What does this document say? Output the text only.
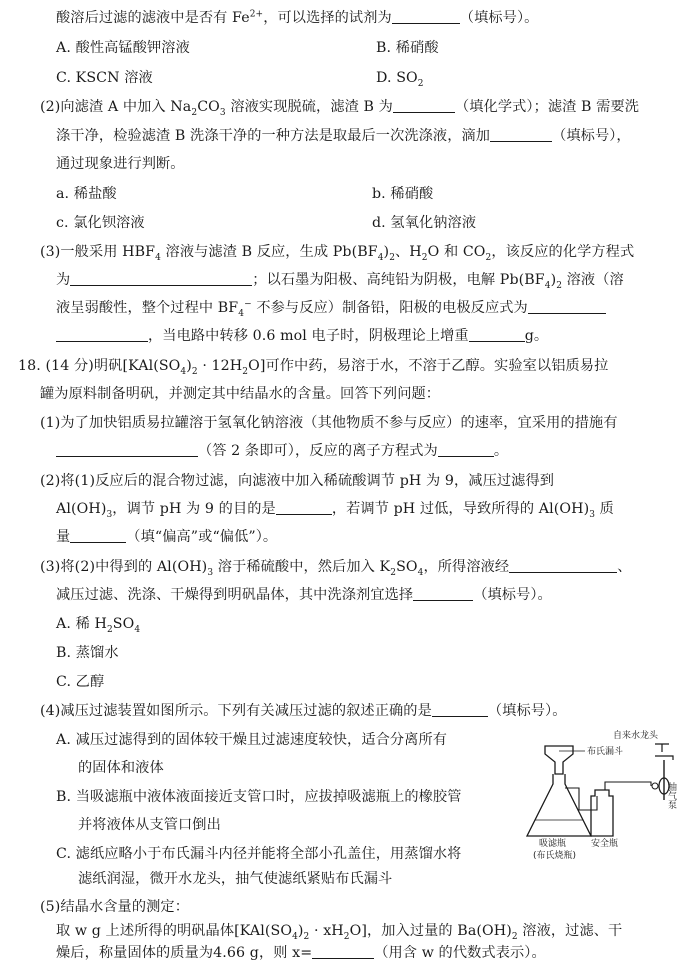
酸溶后过滤的滤液中是否有 $Fe^{2+}$，可以选择的试剂为	（填标号）。
A. 酸性高锰酸钾溶液	B. 稀硝酸
C. KSCN 溶液	D. $SO_2$
(2)向滤渣 A 中加入 $Na_2CO_3$ 溶液实现脱硫，滤渣 B 为	（填化学式）；滤渣 B 需要洗
涤干净，检验滤渣 B 洗涤干净的一种方法是取最后一次洗涤液，滴加	（填标号），
通过现象进行判断。
a. 稀盐酸	b. 稀硝酸
c. 氯化钡溶液	d. 氢氧化钠溶液
(3)一般采用 $HBF_4$ 溶液与滤渣 B 反应，生成 $Pb(BF_4)_2$、$H_2O$ 和 $CO_2$，该反应的化学方程式
为	；以石墨为阳极、高纯铅为阴极，电解 $Pb(BF_4)_2$ 溶液（溶
液呈弱酸性，整个过程中 $BF_4^-$ 不参与反应）制备铅，阳极的电极反应式为
，当电路中转移 0.6 mol 电子时，阴极理论上增重	g。
18. (14 分)明矾$[KAl(SO_4)_2 \cdot 12H_2O]$可作中药，易溶于水，不溶于乙醇。实验室以铝质易拉
罐为原料制备明矾，并测定其中结晶水的含量。回答下列问题：
(1)为了加快铝质易拉罐溶于氢氧化钠溶液（其他物质不参与反应）的速率，宜采用的措施有
（答 2 条即可），反应的离子方程式为	。
(2)将(1)反应后的混合物过滤，向滤液中加入稀硫酸调节 pH 为 9，减压过滤得到
$Al(OH)_3$，调节 pH 为 9 的目的是	，若调节 pH 过低，导致所得的 $Al(OH)_3$ 质
量	（填“偏高”或“偏低”）。
(3)将(2)中得到的 $Al(OH)_3$ 溶于稀硫酸中，然后加入 $K_2SO_4$，所得溶液经	、
减压过滤、洗涤、干燥得到明矾晶体，其中洗涤剂宜选择	（填标号）。
A. 稀 $H_2SO_4$
B. 蒸馏水
C. 乙醇
(4)减压过滤装置如图所示。下列有关减压过滤的叙述正确的是	（填标号）。
A. 减压过滤得到的固体较干燥且过滤速度较快，适合分离所有
的固体和液体
B. 当吸滤瓶中液体液面接近支管口时，应拔掉吸滤瓶上的橡胶管
并将液体从支管口倒出
C. 滤纸应略小于布氏漏斗内径并能将全部小孔盖住，用蒸馏水将
滤纸润湿，微开水龙头，抽气使滤纸紧贴布氏漏斗
(5)结晶水含量的测定：
取 w g 上述所得的明矾晶体$[KAl(SO_4)_2 \cdot xH_2O]$，加入过量的 $Ba(OH)_2$ 溶液，过滤、干
自来水龙头
抽气泵
布氏漏斗
吸滤瓶	安全瓶
(布氏烧瓶)
燥后，称量固体的质量为4.66 g，则 x=	（用含 w 的代数式表示）。
